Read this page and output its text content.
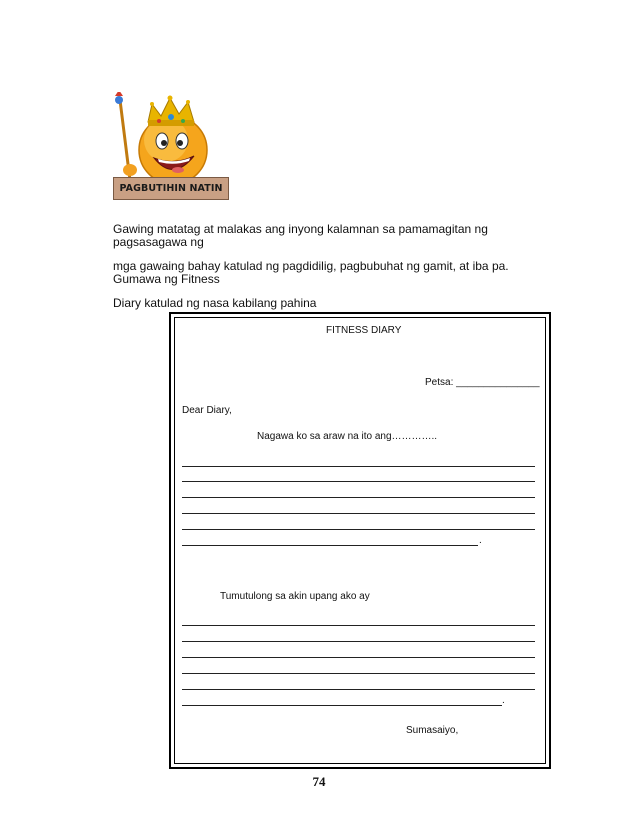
PAGBUTIHIN NATIN
Gawing matatag at malakas ang inyong kalamnan sa pamamagitan ng pagsasagawa ng
mga gawaing bahay katulad ng pagdidilig, pagbubuhat ng gamit, at iba pa. Gumawa ng Fitness
Diary katulad ng nasa kabilang pahina
FITNESS DIARY
Petsa: _______________
Dear Diary,
Nagawa ko sa araw na ito ang…………..
.
Tumutulong sa akin upang ako ay
.
Sumasaiyo,
74
